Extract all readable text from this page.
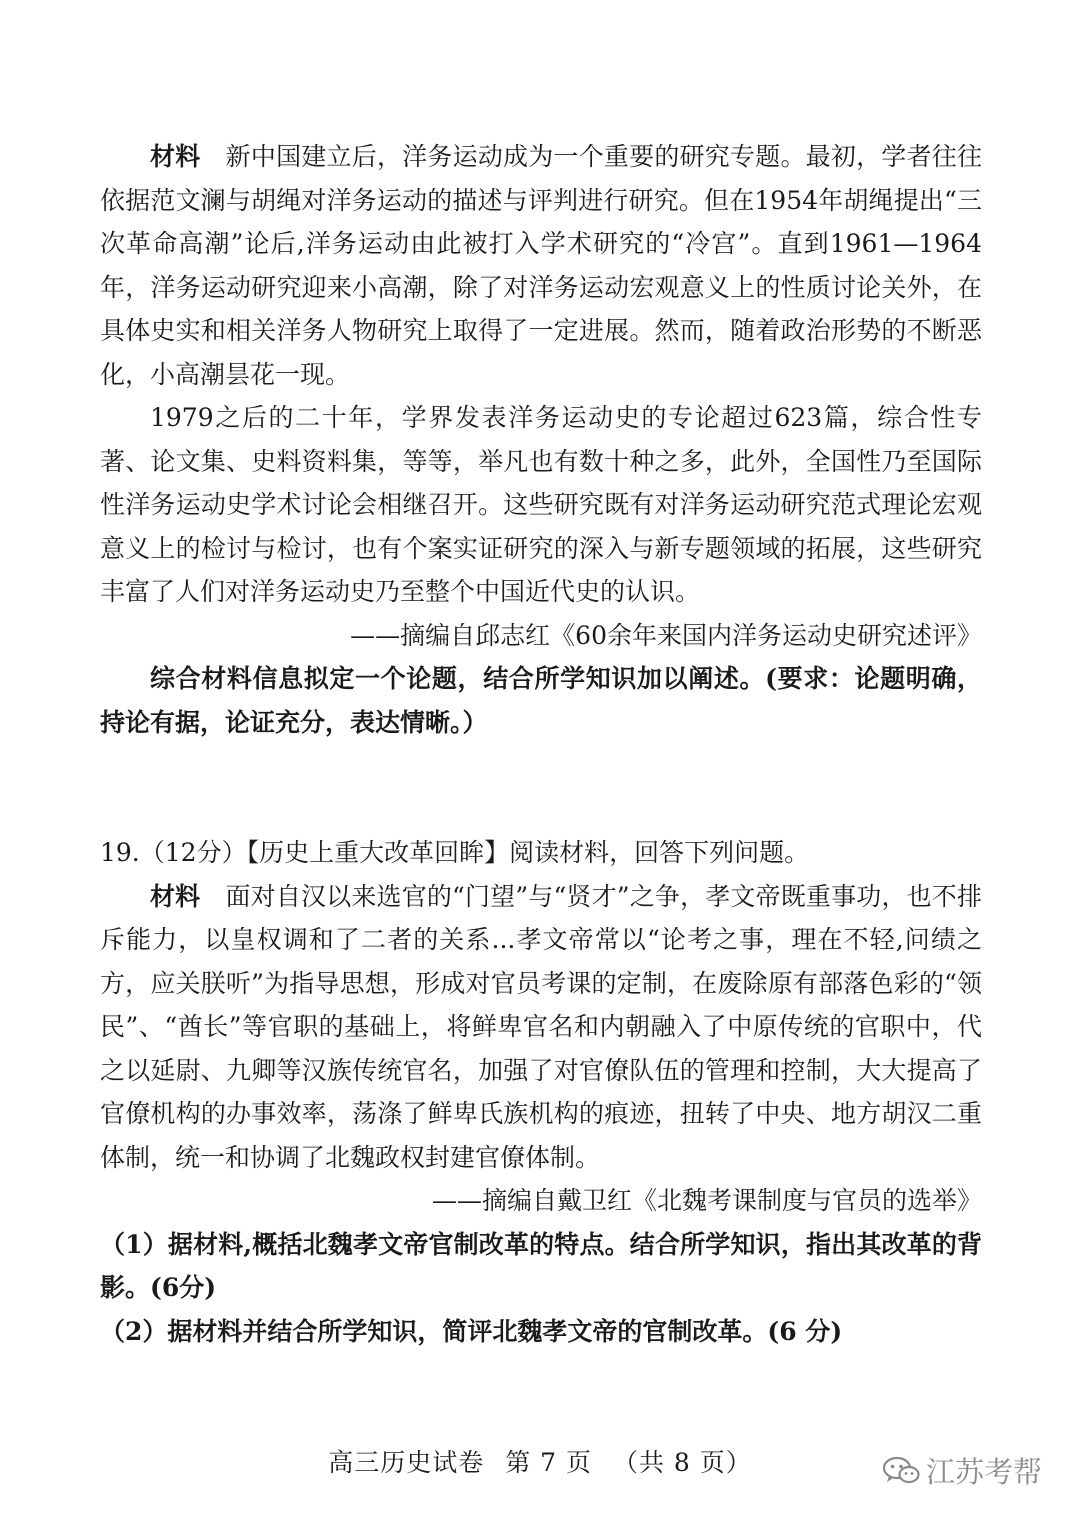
材料　 新中国建立后，洋务运动成为一个重要的研究专题。最初，学者往往依据范文澜与胡绳对洋务运动的描述与评判进行研究。但在1954年胡绳提出“三次革命高潮”论后,洋务运动由此被打入学术研究的“冷宫”。直到1961—1964年，洋务运动研究迎来小高潮，除了对洋务运动宏观意义上的性质讨论关外，在具体史实和相关洋务人物研究上取得了一定进展。然而，随着政治形势的不断恶化，小高潮昙花一现。

1979之后的二十年，学界发表洋务运动史的专论超过623篇，综合性专著、论文集、史料资料集，等等，举凡也有数十种之多，此外，全国性乃至国际性洋务运动史学术讨论会相继召开。这些研究既有对洋务运动研究范式理论宏观意义上的检讨与检讨，也有个案实证研究的深入与新专题领域的拓展，这些研究丰富了人们对洋务运动史乃至整个中国近代史的认识。

——摘编自邱志红《60余年来国内洋务运动史研究述评》

综合材料信息拟定一个论题，结合所学知识加以阐述。(要求：论题明确，持论有据，论证充分，表达情晰。）

19.（12分）【历史上重大改革回眸】阅读材料，回答下列问题。

材料　 面对自汉以来选官的“门望”与“贤才”之争，孝文帝既重事功，也不排斥能力，以皇权调和了二者的关系...孝文帝常以“论考之事，理在不轻,问绩之方，应关朕听”为指导思想，形成对官员考课的定制，在废除原有部落色彩的“领民”、“酋长”等官职的基础上，将鲜卑官名和内朝融入了中原传统的官职中，代之以延尉、九卿等汉族传统官名，加强了对官僚队伍的管理和控制，大大提高了官僚机构的办事效率，荡涤了鲜卑氏族机构的痕迹，扭转了中央、地方胡汉二重体制，统一和协调了北魏政权封建官僚体制。

——摘编自戴卫红《北魏考课制度与官员的选举》

（1）据材料,概括北魏孝文帝官制改革的特点。结合所学知识，指出其改革的背影。(6分)

（2）据材料并结合所学知识，简评北魏孝文帝的官制改革。(6 分)

高三历史试卷 第 7 页 （共 8 页）	江苏考帮
